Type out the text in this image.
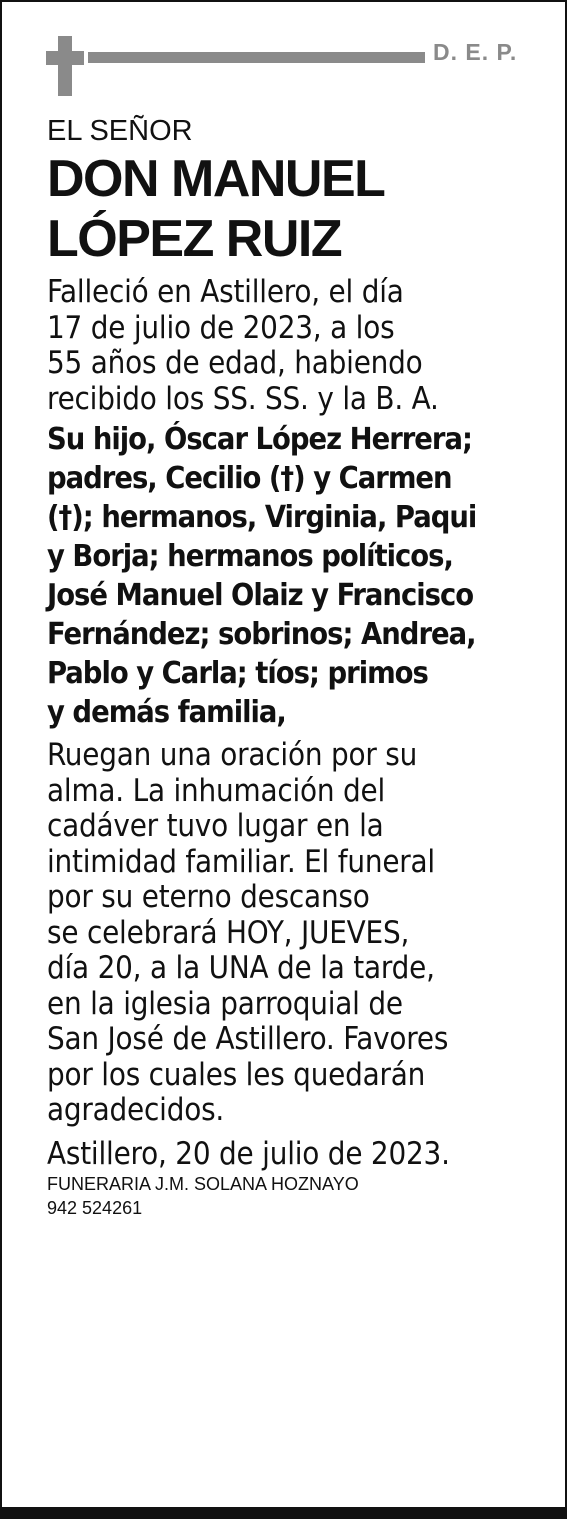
D. E. P.

EL SEÑOR

DON MANUEL
LÓPEZ RUIZ

Falleció en Astillero, el día
17 de julio de 2023, a los
55 años de edad, habiendo
recibido los SS. SS. y la B. A.

Su hijo, Óscar López Herrera;
padres, Cecilio (†) y Carmen
(†); hermanos, Virginia, Paqui
y Borja; hermanos políticos,
José Manuel Olaiz y Francisco
Fernández; sobrinos; Andrea,
Pablo y Carla; tíos; primos
y demás familia,

Ruegan una oración por su
alma. La inhumación del
cadáver tuvo lugar en la
intimidad familiar. El funeral
por su eterno descanso
se celebrará HOY, JUEVES,
día 20, a la UNA de la tarde,
en la iglesia parroquial de
San José de Astillero. Favores
por los cuales les quedarán
agradecidos.

Astillero, 20 de julio de 2023.

FUNERARIA J.M. SOLANA HOZNAYO

942 524261
